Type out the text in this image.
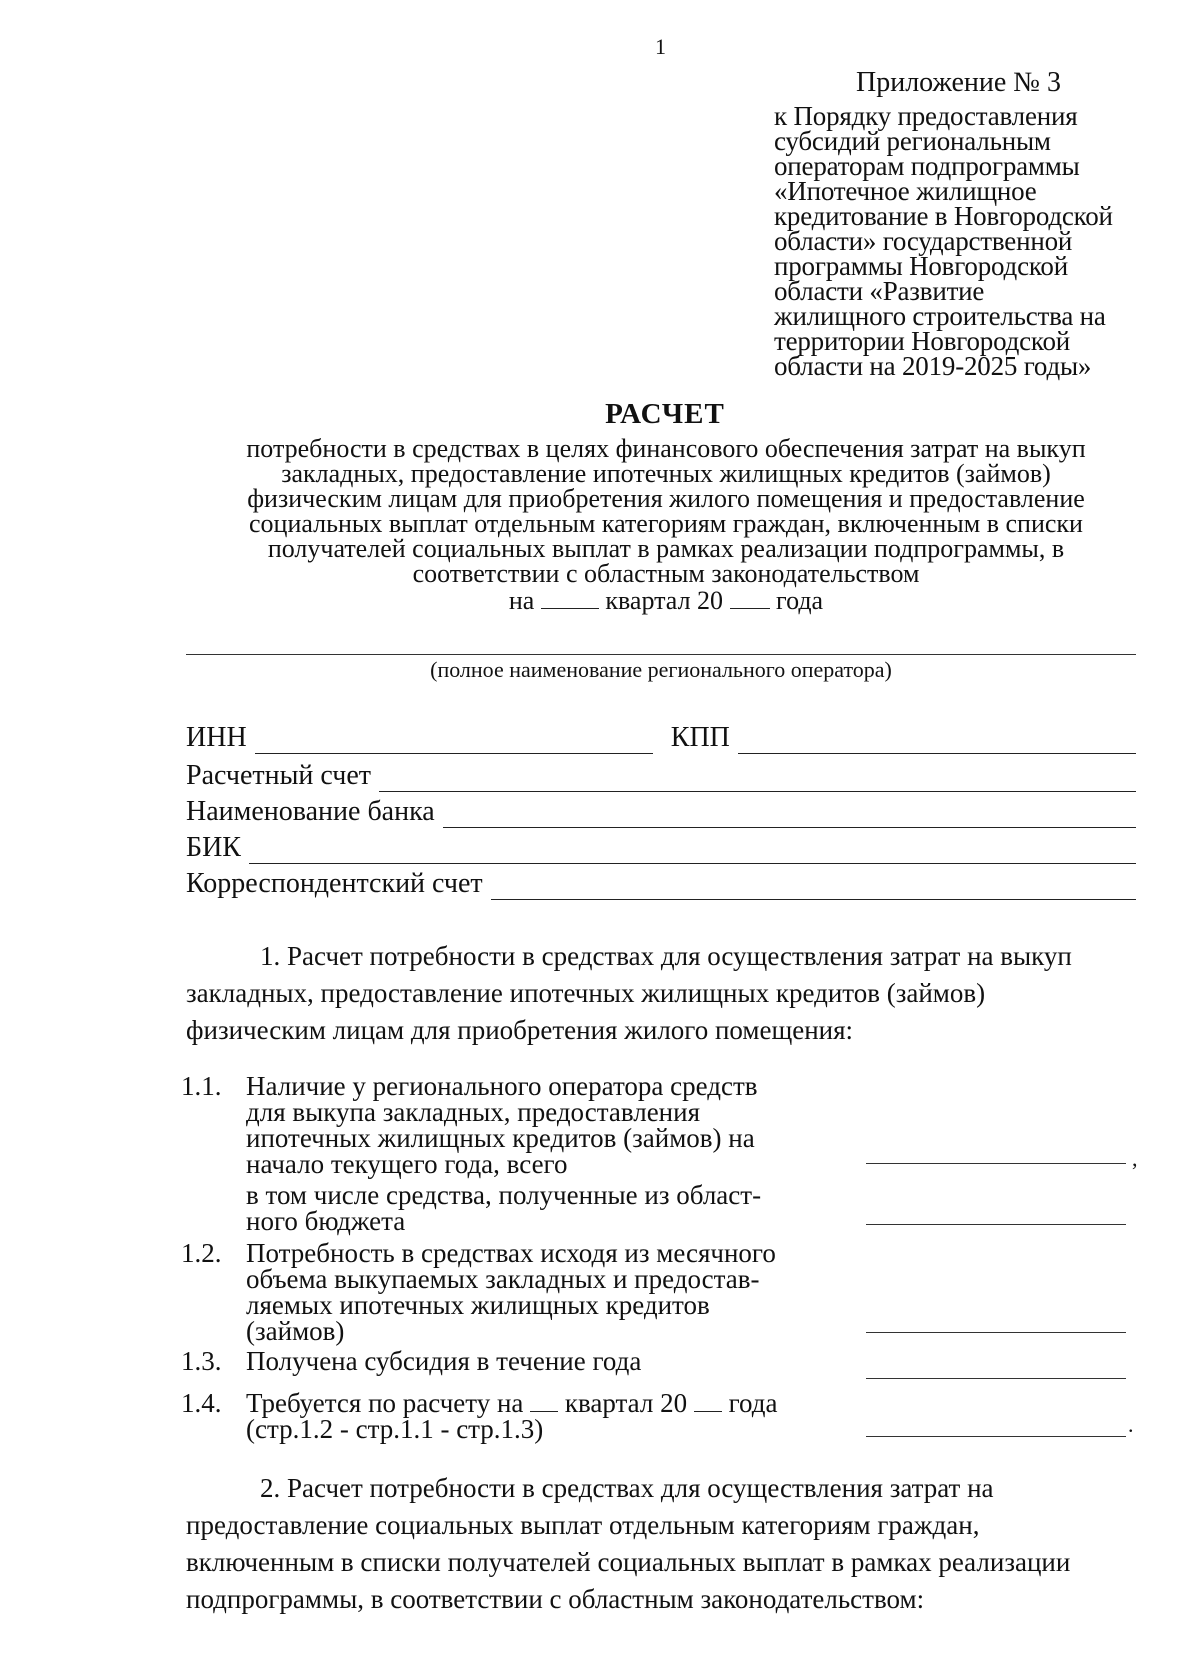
1
Приложение № 3
к Порядку предоставления
субсидий региональным
операторам подпрограммы
«Ипотечное жилищное
кредитование в Новгородской
области» государственной
программы Новгородской
области «Развитие
жилищного строительства на
территории Новгородской
области на 2019-2025 годы»
РАСЧЕТ
потребности в средствах в целях финансового обеспечения затрат на выкуп
закладных, предоставление ипотечных жилищных кредитов (займов)
физическим лицам для приобретения жилого помещения и предоставление
социальных выплат отдельным категориям граждан, включенным в списки
получателей социальных выплат в рамках реализации подпрограммы, в
соответствии с областным законодательством
на	квартал 20 года
(полное наименование регионального оператора)
ИНН	КПП
Расчетный счет
Наименование банка
БИК
Корреспондентский счет
1. Расчет потребности в средствах для осуществления затрат на выкуп
закладных, предоставление ипотечных жилищных кредитов (займов)
физическим лицам для приобретения жилого помещения:
1.1. Наличие у регионального оператора средств
для выкупа закладных, предоставления
ипотечных жилищных кредитов (займов) на
начало текущего года, всего	,
в том числе средства, полученные из област-
ного бюджета
1.2. Потребность в средствах исходя из месячного
объема выкупаемых закладных и предостав-
ляемых ипотечных жилищных кредитов
(займов)
1.3. Получена субсидия в течение года
1.4. Требуется по расчету на квартал 20 года
(стр.1.2 - стр.1.1 - стр.1.3)	.
2. Расчет потребности в средствах для осуществления затрат на
предоставление социальных выплат отдельным категориям граждан,
включенным в списки получателей социальных выплат в рамках реализации
подпрограммы, в соответствии с областным законодательством:
